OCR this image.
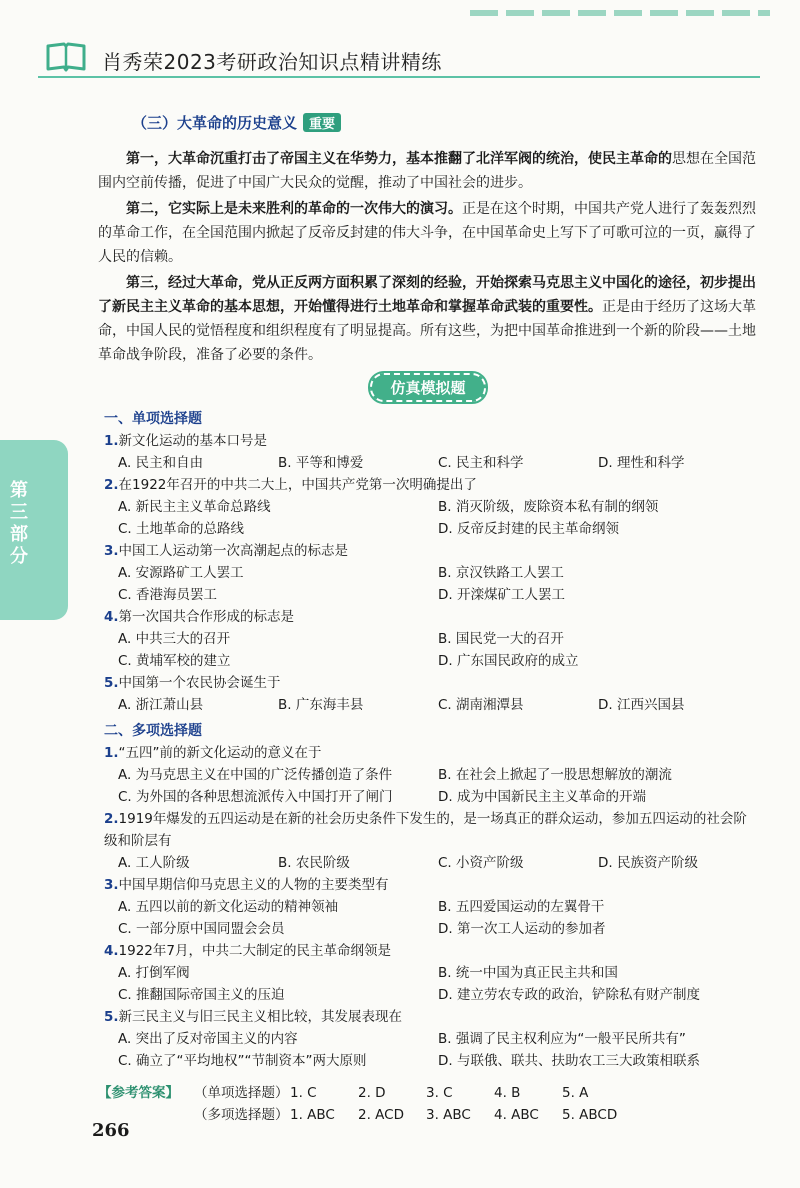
肖秀荣2023考研政治知识点精讲精练
第三部分
（三）大革命的历史意义 重要

第一，大革命沉重打击了帝国主义在华势力，基本推翻了北洋军阀的统治，使民主革命的思想在全国范围内空前传播，促进了中国广大民众的觉醒，推动了中国社会的进步。

第二，它实际上是未来胜利的革命的一次伟大的演习。正是在这个时期，中国共产党人进行了轰轰烈烈的革命工作，在全国范围内掀起了反帝反封建的伟大斗争，在中国革命史上写下了可歌可泣的一页，赢得了人民的信赖。

第三，经过大革命，党从正反两方面积累了深刻的经验，开始探索马克思主义中国化的途径，初步提出了新民主主义革命的基本思想，开始懂得进行土地革命和掌握革命武装的重要性。正是由于经历了这场大革命，中国人民的觉悟程度和组织程度有了明显提高。所有这些，为把中国革命推进到一个新的阶段——土地革命战争阶段，准备了必要的条件。

仿真模拟题
一、单项选择题
1.新文化运动的基本口号是
A. 民主和自由	B. 平等和博爱	C. 民主和科学	D. 理性和科学
2.在1922年召开的中共二大上，中国共产党第一次明确提出了
A. 新民主主义革命总路线	B. 消灭阶级，废除资本私有制的纲领
C. 土地革命的总路线	D. 反帝反封建的民主革命纲领
3.中国工人运动第一次高潮起点的标志是
A. 安源路矿工人罢工	B. 京汉铁路工人罢工
C. 香港海员罢工	D. 开滦煤矿工人罢工
4.第一次国共合作形成的标志是
A. 中共三大的召开	B. 国民党一大的召开
C. 黄埔军校的建立	D. 广东国民政府的成立
5.中国第一个农民协会诞生于
A. 浙江萧山县	B. 广东海丰县	C. 湖南湘潭县	D. 江西兴国县
二、多项选择题
1.“五四”前的新文化运动的意义在于
A. 为马克思主义在中国的广泛传播创造了条件	B. 在社会上掀起了一股思想解放的潮流
C. 为外国的各种思想流派传入中国打开了闸门	D. 成为中国新民主主义革命的开端
2.1919年爆发的五四运动是在新的社会历史条件下发生的，是一场真正的群众运动，参加五四运动的社会阶级和阶层有
A. 工人阶级	B. 农民阶级	C. 小资产阶级	D. 民族资产阶级
3.中国早期信仰马克思主义的人物的主要类型有
A. 五四以前的新文化运动的精神领袖	B. 五四爱国运动的左翼骨干
C. 一部分原中国同盟会会员	D. 第一次工人运动的参加者
4.1922年7月，中共二大制定的民主革命纲领是
A. 打倒军阀	B. 统一中国为真正民主共和国
C. 推翻国际帝国主义的压迫	D. 建立劳农专政的政治，铲除私有财产制度
5.新三民主义与旧三民主义相比较，其发展表现在
A. 突出了反对帝国主义的内容	B. 强调了民主权利应为“一般平民所共有”
C. 确立了“平均地权”“节制资本”两大原则	D. 与联俄、联共、扶助农工三大政策相联系
【参考答案】	（单项选择题） 1. C	2. D	3. C	4. B	5. A
（多项选择题） 1. ABC	2. ACD	3. ABC	4. ABC	5. ABCD
266
